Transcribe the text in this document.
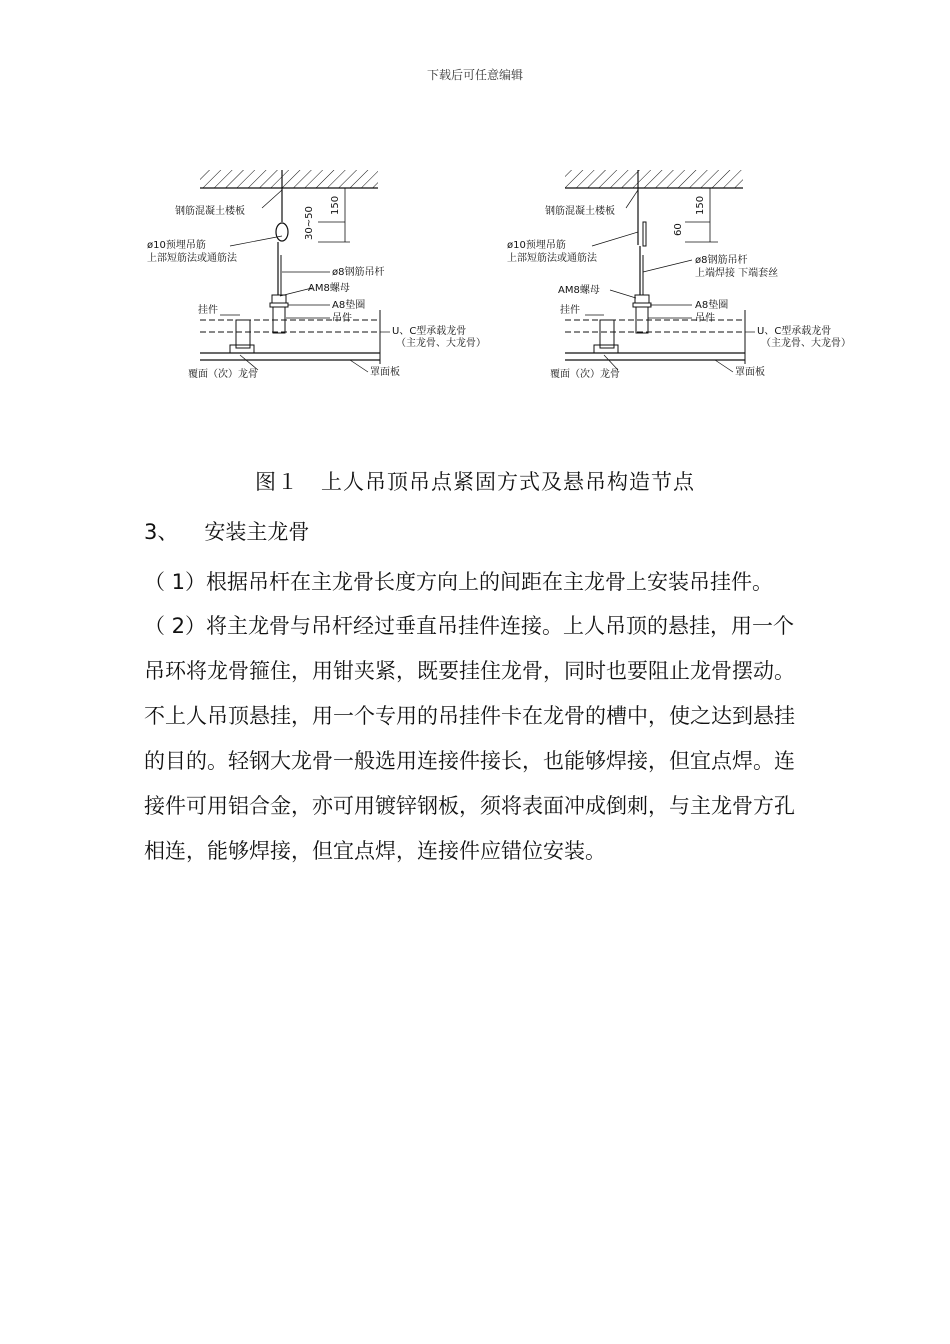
下载后可任意编辑
150
30~50
钢筋混凝土楼板
ø10预埋吊筋
上部短筋法或通筋法
ø8钢筋吊杆
AM8螺母
A8垫圈
吊件
挂件
U、C型承载龙骨
（主龙骨、大龙骨）
覆面（次）龙骨	罩面板
150
60
钢筋混凝土楼板
ø10预埋吊筋
上部短筋法或通筋法	ø8钢筋吊杆
上端焊接 下端套丝
AM8螺母
A8垫圈
吊件
挂件
U、C型承载龙骨
（主龙骨、大龙骨）
覆面（次）龙骨	罩面板
图１　上人吊顶吊点紧固方式及悬吊构造节点
3、 安装主龙骨

（ 1）根据吊杆在主龙骨长度方向上的间距在主龙骨上安装吊挂件。

（ 2）将主龙骨与吊杆经过垂直吊挂件连接。上人吊顶的悬挂，用一个吊环将龙骨箍住，用钳夹紧，既要挂住龙骨，同时也要阻止龙骨摆动。不上人吊顶悬挂，用一个专用的吊挂件卡在龙骨的槽中，使之达到悬挂的目的。轻钢大龙骨一般选用连接件接长，也能够焊接，但宜点焊。连接件可用铝合金，亦可用镀锌钢板，须将表面冲成倒刺，与主龙骨方孔相连，能够焊接，但宜点焊，连接件应错位安装。
